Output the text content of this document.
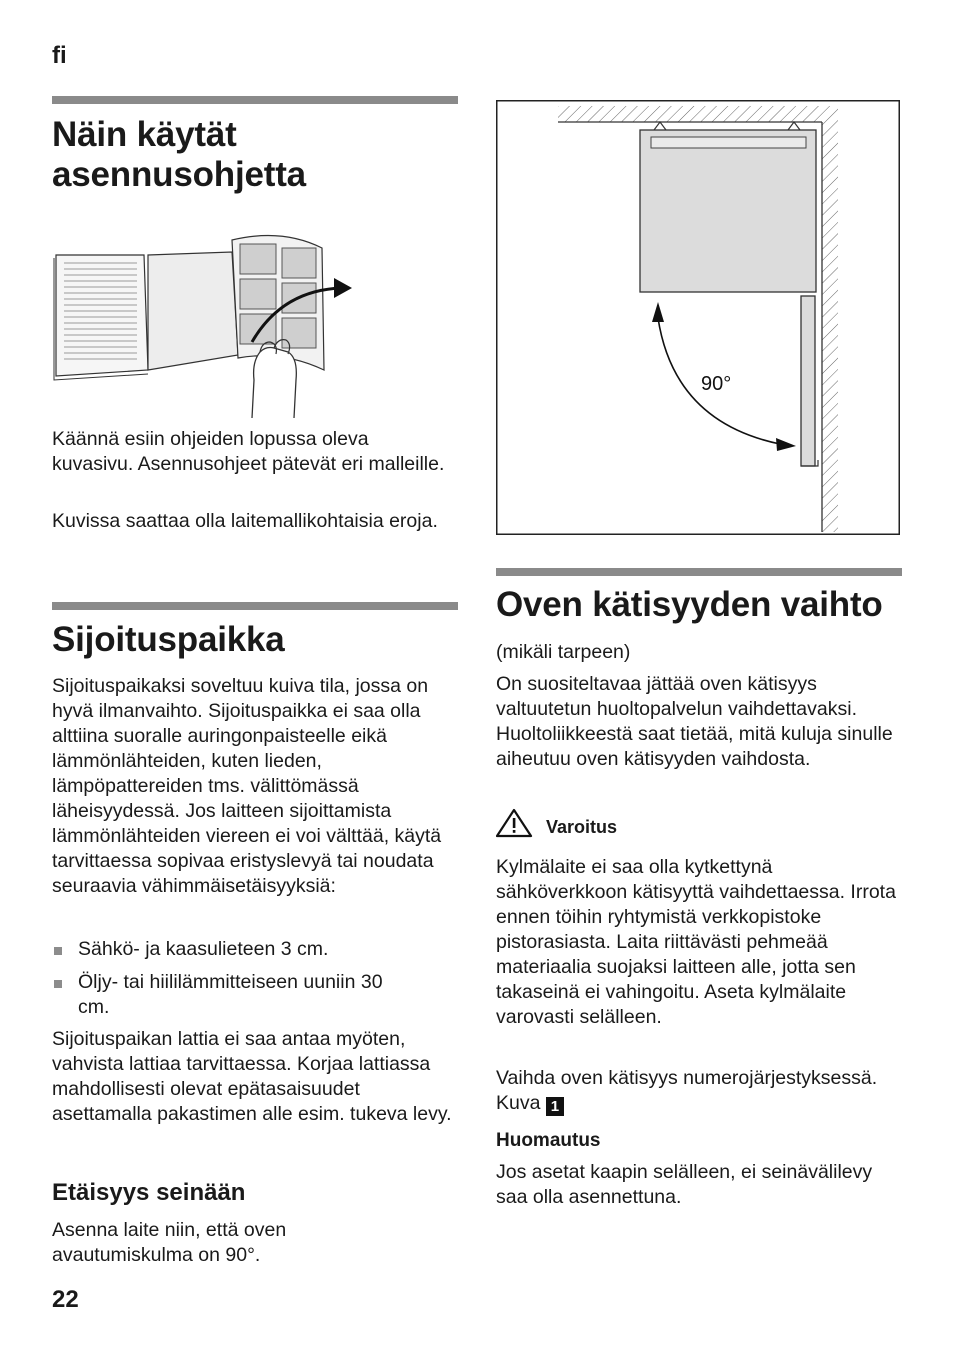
fi
22
Näin käytät asennusohjetta

Käännä esiin ohjeiden lopussa oleva kuvasivu. Asennusohjeet pätevät eri malleille.

Kuvissa saattaa olla laitemallikohtaisia eroja.

Sijoituspaikka

Sijoituspaikaksi soveltuu kuiva tila, jossa on hyvä ilmanvaihto. Sijoituspaikka ei saa olla alttiina suoralle auringonpaisteelle eikä lämmönlähteiden, kuten lieden, lämpöpattereiden tms. välittömässä läheisyydessä. Jos laitteen sijoittamista lämmönlähteiden viereen ei voi välttää, käytä tarvittaessa sopivaa eristyslevyä tai noudata seuraavia vähimmäisetäisyyksiä:

Sähkö- ja kaasulieteen 3 cm.
Öljy- tai hiililämmitteiseen uuniin 30 cm.

Sijoituspaikan lattia ei saa antaa myöten, vahvista lattiaa tarvittaessa. Korjaa lattiassa mahdollisesti olevat epätasaisuudet asettamalla pakastimen alle esim. tukeva levy.

Etäisyys seinään

Asenna laite niin, että oven avautumiskulma on 90°.

90°
Oven kätisyyden vaihto

(mikäli tarpeen)

On suositeltavaa jättää oven kätisyys valtuutetun huoltopalvelun vaihdettavaksi. Huoltoliikkeestä saat tietää, mitä kuluja sinulle aiheutuu oven kätisyyden vaihdosta.

Varoitus

Kylmälaite ei saa olla kytkettynä sähköverkkoon kätisyyttä vaihdettaessa. Irrota ennen töihin ryhtymistä verkkopistoke pistorasiasta. Laita riittävästi pehmeää materiaalia suojaksi laitteen alle, jotta sen takaseinä ei vahingoitu. Aseta kylmälaite varovasti selälleen.

Vaihda oven kätisyys numerojärjestyksessä. Kuva 1

Huomautus

Jos asetat kaapin selälleen, ei seinävälilevy saa olla asennettuna.
